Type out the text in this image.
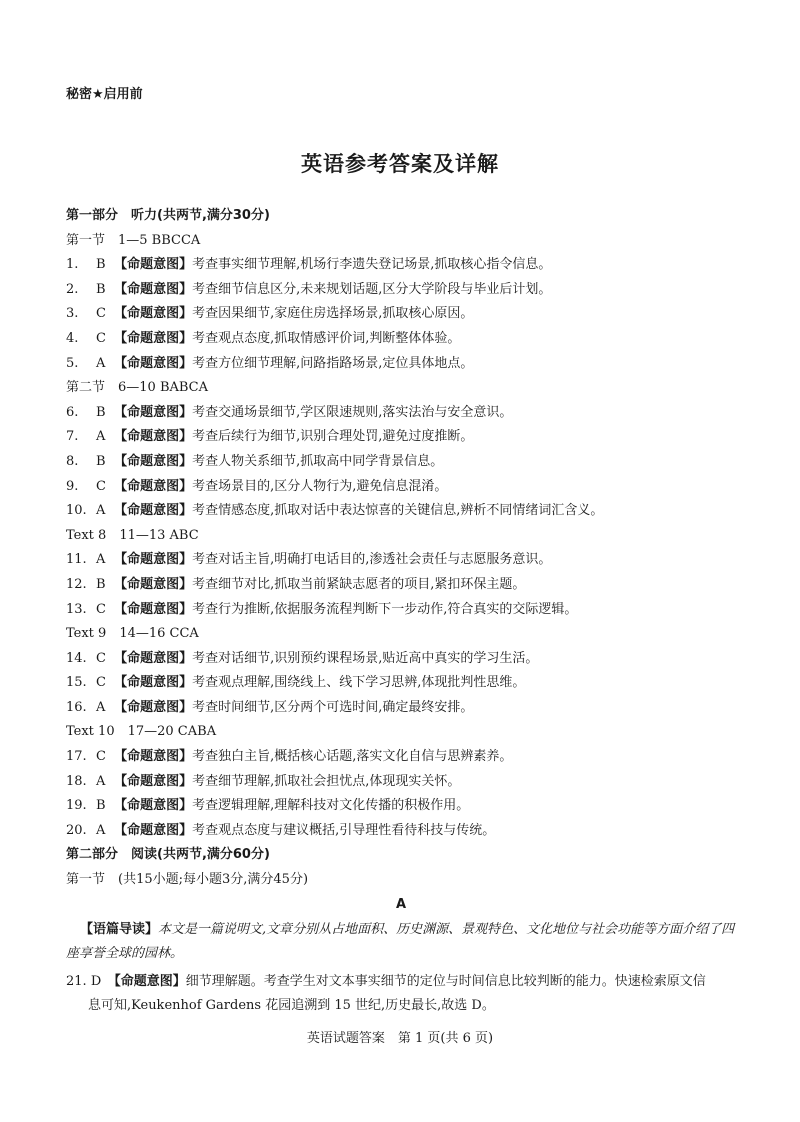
秘密★启用前
英语参考答案及详解
第一部分　听力(共两节,满分30分)
第一节　1—5 BBCCA
1. B 【命题意图】考查事实细节理解,机场行李遗失登记场景,抓取核心指令信息。
2. B 【命题意图】考查细节信息区分,未来规划话题,区分大学阶段与毕业后计划。
3. C 【命题意图】考查因果细节,家庭住房选择场景,抓取核心原因。
4. C 【命题意图】考查观点态度,抓取情感评价词,判断整体体验。
5. A 【命题意图】考查方位细节理解,问路指路场景,定位具体地点。
第二节　6—10 BABCA
6. B 【命题意图】考查交通场景细节,学区限速规则,落实法治与安全意识。
7. A 【命题意图】考查后续行为细节,识别合理处罚,避免过度推断。
8. B 【命题意图】考查人物关系细节,抓取高中同学背景信息。
9. C 【命题意图】考查场景目的,区分人物行为,避免信息混淆。
10. A 【命题意图】考查情感态度,抓取对话中表达惊喜的关键信息,辨析不同情绪词汇含义。
Text 8　11—13 ABC
11. A 【命题意图】考查对话主旨,明确打电话目的,渗透社会责任与志愿服务意识。
12. B 【命题意图】考查细节对比,抓取当前紧缺志愿者的项目,紧扣环保主题。
13. C 【命题意图】考查行为推断,依据服务流程判断下一步动作,符合真实的交际逻辑。
Text 9　14—16 CCA
14. C 【命题意图】考查对话细节,识别预约课程场景,贴近高中真实的学习生活。
15. C 【命题意图】考查观点理解,围绕线上、线下学习思辨,体现批判性思维。
16. A 【命题意图】考查时间细节,区分两个可选时间,确定最终安排。
Text 10　17—20 CABA
17. C 【命题意图】考查独白主旨,概括核心话题,落实文化自信与思辨素养。
18. A 【命题意图】考查细节理解,抓取社会担忧点,体现现实关怀。
19. B 【命题意图】考查逻辑理解,理解科技对文化传播的积极作用。
20. A 【命题意图】考查观点态度与建议概括,引导理性看待科技与传统。
第二部分　阅读(共两节,满分60分)
第一节　(共15小题;每小题3分,满分45分)
A
【语篇导读】本文是一篇说明文,文章分别从占地面积、历史渊源、景观特色、文化地位与社会功能等方面介绍了四座享誉全球的园林。
21. D　 【命题意图】细节理解题。考查学生对文本事实细节的定位与时间信息比较判断的能力。快速检索原文信
息可知,Keukenhof Gardens 花园追溯到 15 世纪,历史最长,故选 D。
英语试题答案　第 1 页(共 6 页)
